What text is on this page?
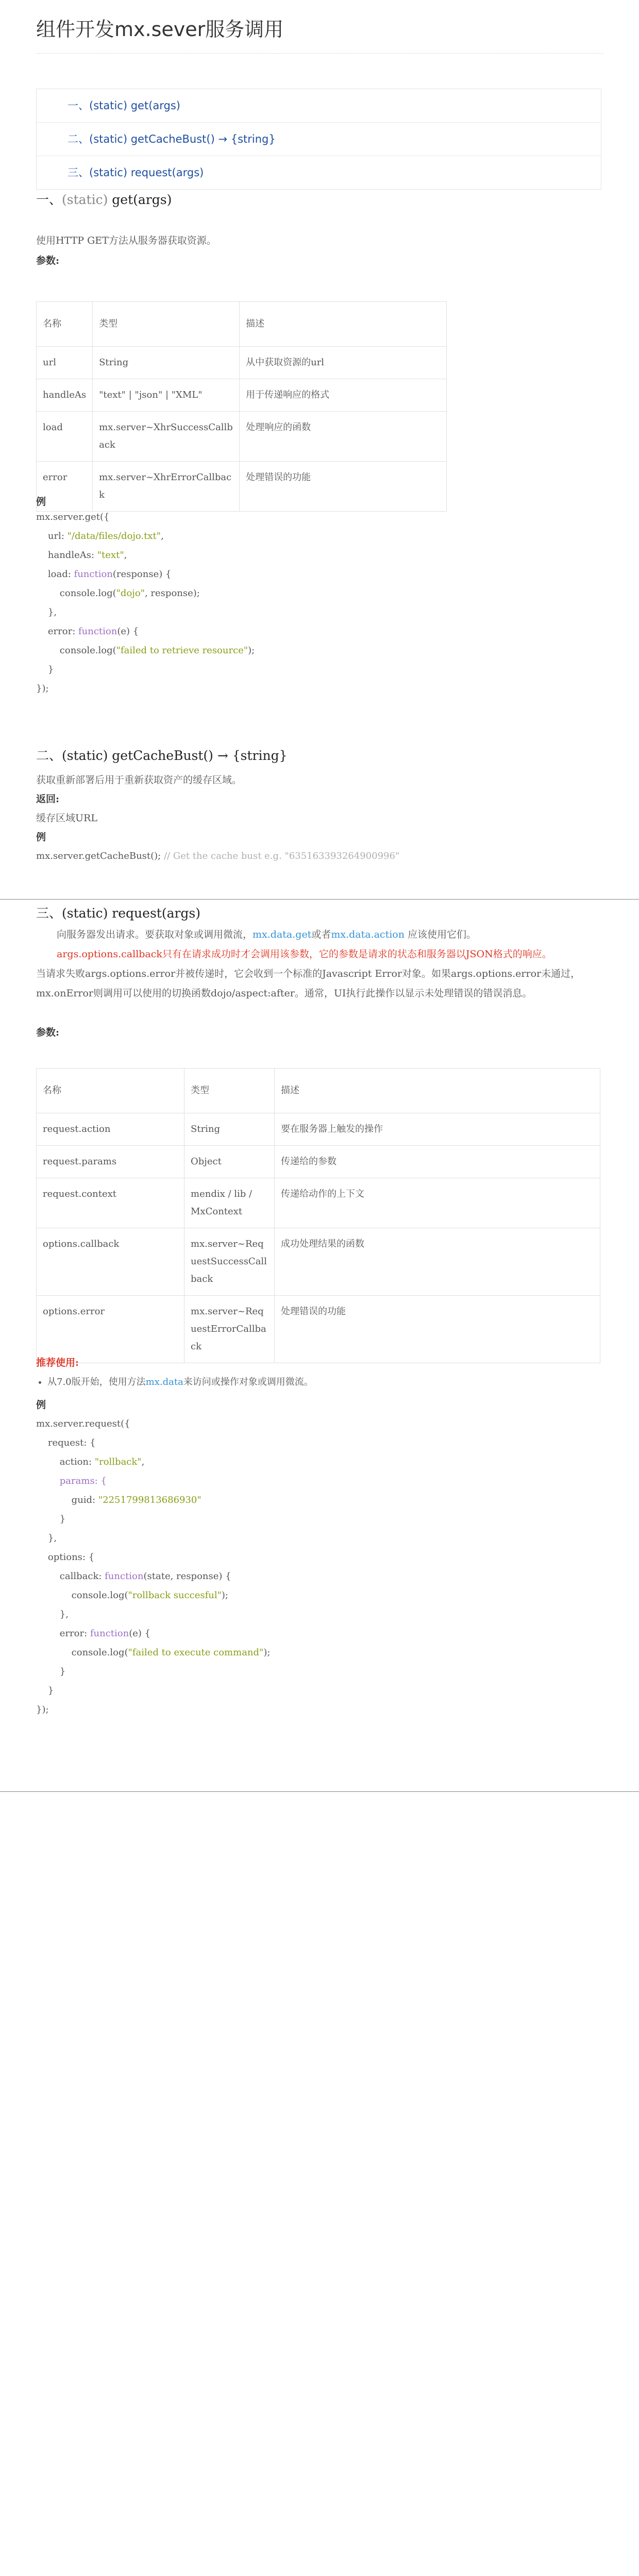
组件开发mx.sever服务调用
一、(static) get(args)
二、(static) getCacheBust() → {string}
三、(static) request(args)
一、(static) get(args)
使用HTTP GET方法从服务器获取资源。
参数:
名称	类型	描述
url	String	从中获取资源的url
handleAs	"text" | "json" | "XML"	用于传递响应的格式
load	mx.server~XhrSuccessCallback	处理响应的函数
error	mx.server~XhrErrorCallback	处理错误的功能
例
mx.server.get({
url: "/data/files/dojo.txt",
handleAs: "text",
load: function(response) {
console.log("dojo", response);
},
error: function(e) {
console.log("failed to retrieve resource");
}
});
二、(static) getCacheBust() → {string}
获取重新部署后用于重新获取资产的缓存区域。
返回:
缓存区域URL
例
mx.server.getCacheBust(); // Get the cache bust e.g. "635163393264900996"
三、(static) request(args)
向服务器发出请求。要获取对象或调用微流，mx.data.get或者mx.data.action 应该使用它们。
args.options.callback只有在请求成功时才会调用该参数，它的参数是请求的状态和服务器以JSON格式的响应。
当请求失败args.options.error并被传递时，它会收到一个标准的Javascript Error对象。如果args.options.error未通过，mx.onError则调用可以使用的切换函数dojo/aspect:after。通常，UI执行此操作以显示未处理错误的错误消息。
参数:
名称	类型	描述
request.action	String	要在服务器上触发的操作
request.params	Object	传递给的参数
request.context	mendix / lib / MxContext	传递给动作的上下文
options.callback	mx.server~RequestSuccessCallback	成功处理结果的函数
options.error	mx.server~RequestErrorCallback	处理错误的功能
推荐使用:
• 从7.0版开始，使用方法mx.data来访问或操作对象或调用微流。
例
mx.server.request({
request: {
action: "rollback",
params: {
guid: "2251799813686930"
}
},
options: {
callback: function(state, response) {
console.log("rollback succesful");
},
error: function(e) {
console.log("failed to execute command");
}
}
});
